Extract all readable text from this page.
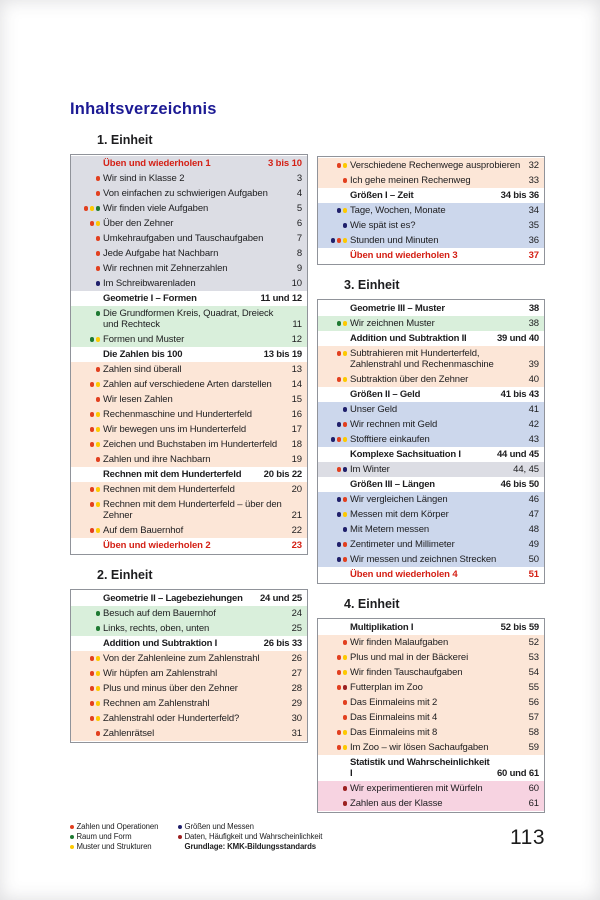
Inhaltsverzeichnis
1. Einheit
Üben und wiederholen 1	3 bis 10
Wir sind in Klasse 2	3
Von einfachen zu schwierigen Aufgaben	4
Wir finden viele Aufgaben	5
Über den Zehner	6
Umkehraufgaben und Tauschaufgaben	7
Jede Aufgabe hat Nachbarn	8
Wir rechnen mit Zehnerzahlen	9
Im Schreibwarenladen	10
Geometrie I – Formen	11 und 12
Die Grundformen Kreis, Quadrat, Dreieck und Rechteck	11
Formen und Muster	12
Die Zahlen bis 100	13 bis 19
Zahlen sind überall	13
Zahlen auf verschiedene Arten darstellen	14
Wir lesen Zahlen	15
Rechenmaschine und Hunderterfeld	16
Wir bewegen uns im Hunderterfeld	17
Zeichen und Buchstaben im Hunderterfeld	18
Zahlen und ihre Nachbarn	19
Rechnen mit dem Hunderterfeld	20 bis 22
Rechnen mit dem Hunderterfeld	20
Rechnen mit dem Hunderterfeld – über den Zehner	21
Auf dem Bauernhof	22
Üben und wiederholen 2	23
2. Einheit
Geometrie II – Lagebeziehungen	24 und 25
Besuch auf dem Bauernhof	24
Links, rechts, oben, unten	25
Addition und Subtraktion I	26 bis 33
Von der Zahlenleine zum Zahlenstrahl	26
Wir hüpfen am Zahlenstrahl	27
Plus und minus über den Zehner	28
Rechnen am Zahlenstrahl	29
Zahlenstrahl oder Hunderterfeld?	30
Zahlenrätsel	31
Verschiedene Rechenwege ausprobieren 32
Ich gehe meinen Rechenweg	33
Größen I – Zeit	34 bis 36
Tage, Wochen, Monate	34
Wie spät ist es?	35
Stunden und Minuten	36
Üben und wiederholen 3	37
3. Einheit
Geometrie III – Muster	38
Wir zeichnen Muster	38
Addition und Subtraktion II	39 und 40
Subtrahieren mit Hunderterfeld, Zahlenstrahl und Rechenmaschine	39
Subtraktion über den Zehner	40
Größen II – Geld	41 bis 43
Unser Geld	41
Wir rechnen mit Geld	42
Stofftiere einkaufen	43
Komplexe Sachsituation I	44 und 45
Im Winter	44, 45
Größen III – Längen	46 bis 50
Wir vergleichen Längen	46
Messen mit dem Körper	47
Mit Metern messen	48
Zentimeter und Millimeter	49
Wir messen und zeichnen Strecken	50
Üben und wiederholen 4	51
4. Einheit
Multiplikation I	52 bis 59
Wir finden Malaufgaben	52
Plus und mal in der Bäckerei	53
Wir finden Tauschaufgaben	54
Futterplan im Zoo	55
Das Einmaleins mit 2	56
Das Einmaleins mit 4	57
Das Einmaleins mit 8	58
Im Zoo – wir lösen Sachaufgaben	59
Statistik und Wahrscheinlichkeit I	60 und 61
Wir experimentieren mit Würfeln	60
Zahlen aus der Klasse	61
Zahlen und Operationen
Raum und Form
Muster und Strukturen
Größen und Messen
Daten, Häufigkeit und Wahrscheinlichkeit
Grundlage: KMK-Bildungsstandards	113
